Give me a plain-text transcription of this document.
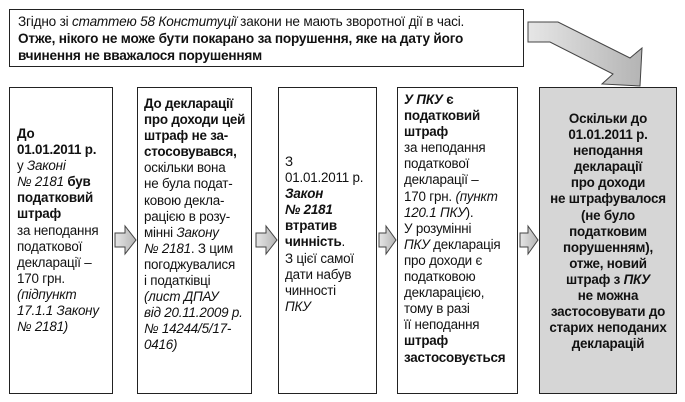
Згідно зі статтею 58 Конституції закони не мають зворотної дії в часі.

Отже, нікого не може бути покарано за порушення, яке на дату його

вчинення не вважалося порушенням

До

01.01.2011 р.

у Законі

№ 2181 був

податковий

штраф

за неподання

податкової

декларації –

170 грн.

(підпункт

17.1.1 Закону

№ 2181)

До декларації

про доходи цей

штраф не за-

стосовувався,

оскільки вона

не була подат-

ковою декла-

рацією в розу-

мінні Закону

№ 2181. З цим

погоджувалися

і податківці

(лист ДПАУ

від 20.11.2009 р.

№ 14244/5/17-

0416)

З

01.01.2011 р.

Закон

№ 2181

втратив

чинність.

З цієї самої

дати набув

чинності

ПКУ

У ПКУ є

податковий

штраф

за неподання

податкової

декларації –

170 грн. (пункт

120.1 ПКУ).

У розумінні

ПКУ декларація

про доходи є

податковою

декларацією,

тому в разі

її неподання

штраф

застосовується

Оскільки до

01.01.2011 р.

неподання

декларації

про доходи

не штрафувалося

(не було

податковим

порушенням),

отже, новий

штраф з ПКУ

не можна

застосовувати до

старих неподаних

декларацій
